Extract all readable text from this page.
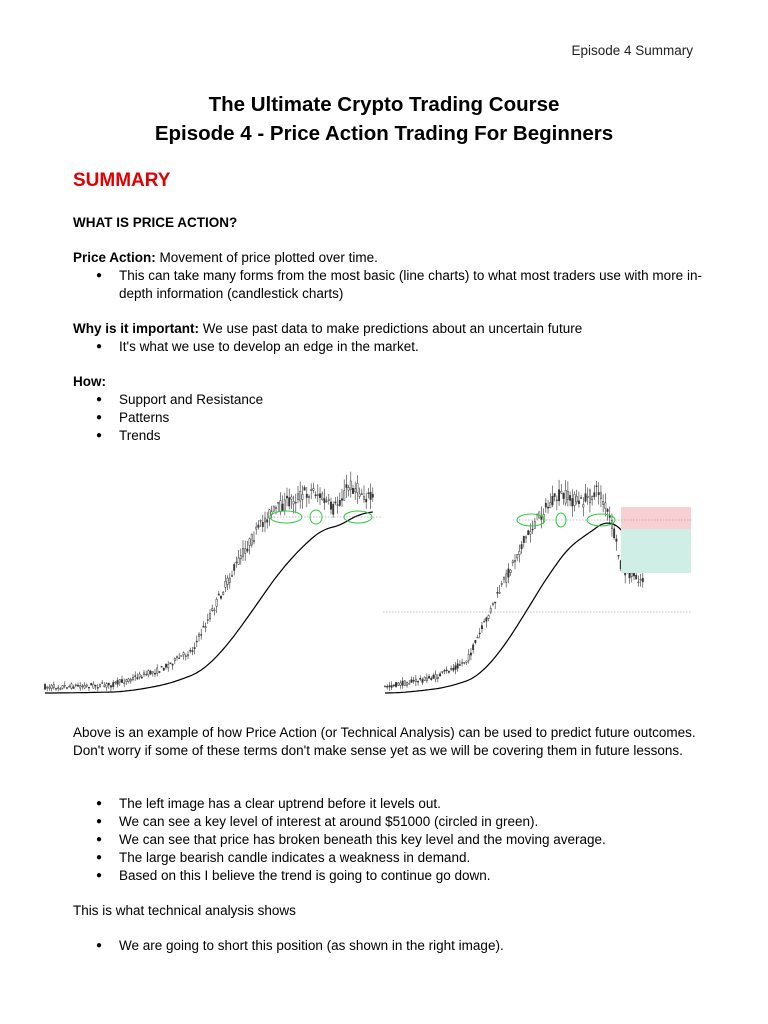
Episode 4 Summary
The Ultimate Crypto Trading Course
Episode 4 - Price Action Trading For Beginners
SUMMARY
WHAT IS PRICE ACTION?
Price Action: Movement of price plotted over time.
● This can take many forms from the most basic (line charts) to what most traders use with more in-depth information (candlestick charts)
Why is it important: We use past data to make predictions about an uncertain future
● It's what we use to develop an edge in the market.
How:
● Support and Resistance
● Patterns
● Trends
Above is an example of how Price Action (or Technical Analysis) can be used to predict future outcomes. Don't worry if some of these terms don't make sense yet as we will be covering them in future lessons.
● The left image has a clear uptrend before it levels out.
● We can see a key level of interest at around $51000 (circled in green).
● We can see that price has broken beneath this key level and the moving average.
● The large bearish candle indicates a weakness in demand.
● Based on this I believe the trend is going to continue go down.
This is what technical analysis shows
● We are going to short this position (as shown in the right image).
